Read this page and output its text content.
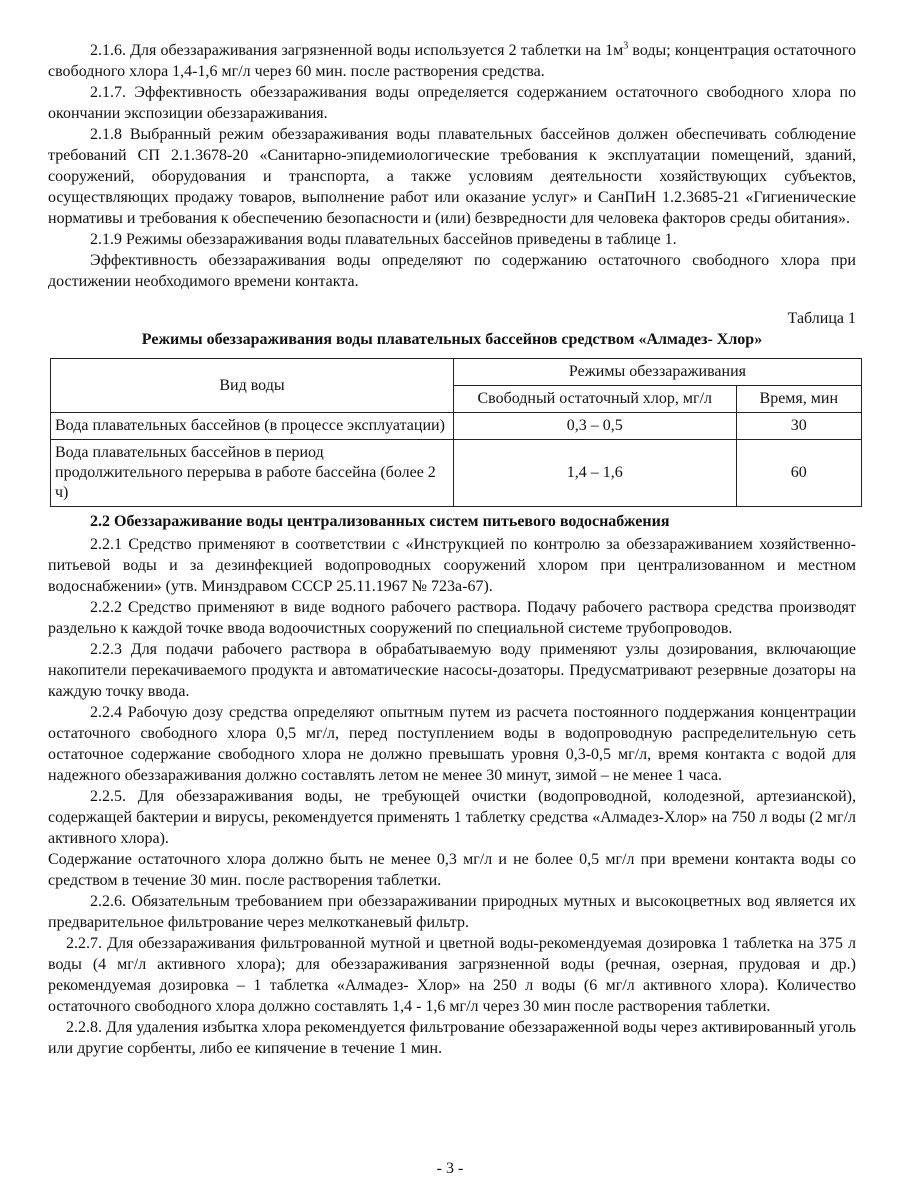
2.1.6. Для обеззараживания загрязненной воды используется 2 таблетки на $1м^3$ воды; концентрация остаточного свободного хлора 1,4-1,6 мг/л через 60 мин. после растворения средства.

2.1.7. Эффективность обеззараживания воды определяется содержанием остаточного свободного хлора по окончании экспозиции обеззараживания.

2.1.8 Выбранный режим обеззараживания воды плавательных бассейнов должен обеспечивать соблюдение требований СП 2.1.3678-20 «Санитарно-эпидемиологические требования к эксплуатации помещений, зданий, сооружений, оборудования и транспорта, а также условиям деятельности хозяйствующих субъектов, осуществляющих продажу товаров, выполнение работ или оказание услуг» и СанПиН 1.2.3685-21 «Гигиенические нормативы и требования к обеспечению безопасности и (или) безвредности для человека факторов среды обитания».

2.1.9 Режимы обеззараживания воды плавательных бассейнов приведены в таблице 1.

Эффективность обеззараживания воды определяют по содержанию остаточного свободного хлора при достижении необходимого времени контакта.

Таблица 1

Режимы обеззараживания воды плавательных бассейнов средством «Алмадез- Хлор»

Вид воды	Режимы обеззараживания	
	Свободный остаточный хлор, мг/л	Время, мин
Вода плавательных бассейнов (в процессе эксплуатации)	0,3 – 0,5	30
Вода плавательных бассейнов в период продолжительного перерыва в работе бассейна (более 2 ч)	1,4 – 1,6	60

2.2 Обеззараживание воды централизованных систем питьевого водоснабжения

2.2.1 Средство применяют в соответствии с «Инструкцией по контролю за обеззараживанием хозяйственно-питьевой воды и за дезинфекцией водопроводных сооружений хлором при централизованном и местном водоснабжении» (утв. Минздравом СССР 25.11.1967 № 723а-67).

2.2.2 Средство применяют в виде водного рабочего раствора. Подачу рабочего раствора средства производят раздельно к каждой точке ввода водоочистных сооружений по специальной системе трубопроводов.

2.2.3 Для подачи рабочего раствора в обрабатываемую воду применяют узлы дозирования, включающие накопители перекачиваемого продукта и автоматические насосы-дозаторы. Предусматривают резервные дозаторы на каждую точку ввода.

2.2.4 Рабочую дозу средства определяют опытным путем из расчета постоянного поддержания концентрации остаточного свободного хлора 0,5 мг/л, перед поступлением воды в водопроводную распределительную сеть остаточное содержание свободного хлора не должно превышать уровня 0,3-0,5 мг/л, время контакта с водой для надежного обеззараживания должно составлять летом не менее 30 минут, зимой – не менее 1 часа.

2.2.5. Для обеззараживания воды, не требующей очистки (водопроводной, колодезной, артезианской), содержащей бактерии и вирусы, рекомендуется применять 1 таблетку средства «Алмадез-Хлор» на 750 л воды (2 мг/л активного хлора).

Содержание остаточного хлора должно быть не менее 0,3 мг/л и не более 0,5 мг/л при времени контакта воды со средством в течение 30 мин. после растворения таблетки.

2.2.6. Обязательным требованием при обеззараживании природных мутных и высокоцветных вод является их предварительное фильтрование через мелкотканевый фильтр.

2.2.7. Для обеззараживания фильтрованной мутной и цветной воды-рекомендуемая дозировка 1 таблетка на 375 л воды (4 мг/л активного хлора); для обеззараживания загрязненной воды (речная, озерная, прудовая и др.) рекомендуемая дозировка – 1 таблетка «Алмадез- Хлор» на 250 л воды (6 мг/л активного хлора). Количество остаточного свободного хлора должно составлять 1,4 - 1,6 мг/л через 30 мин после растворения таблетки.

2.2.8. Для удаления избытка хлора рекомендуется фильтрование обеззараженной воды через активированный уголь или другие сорбенты, либо ее кипячение в течение 1 мин.

- 3 -
